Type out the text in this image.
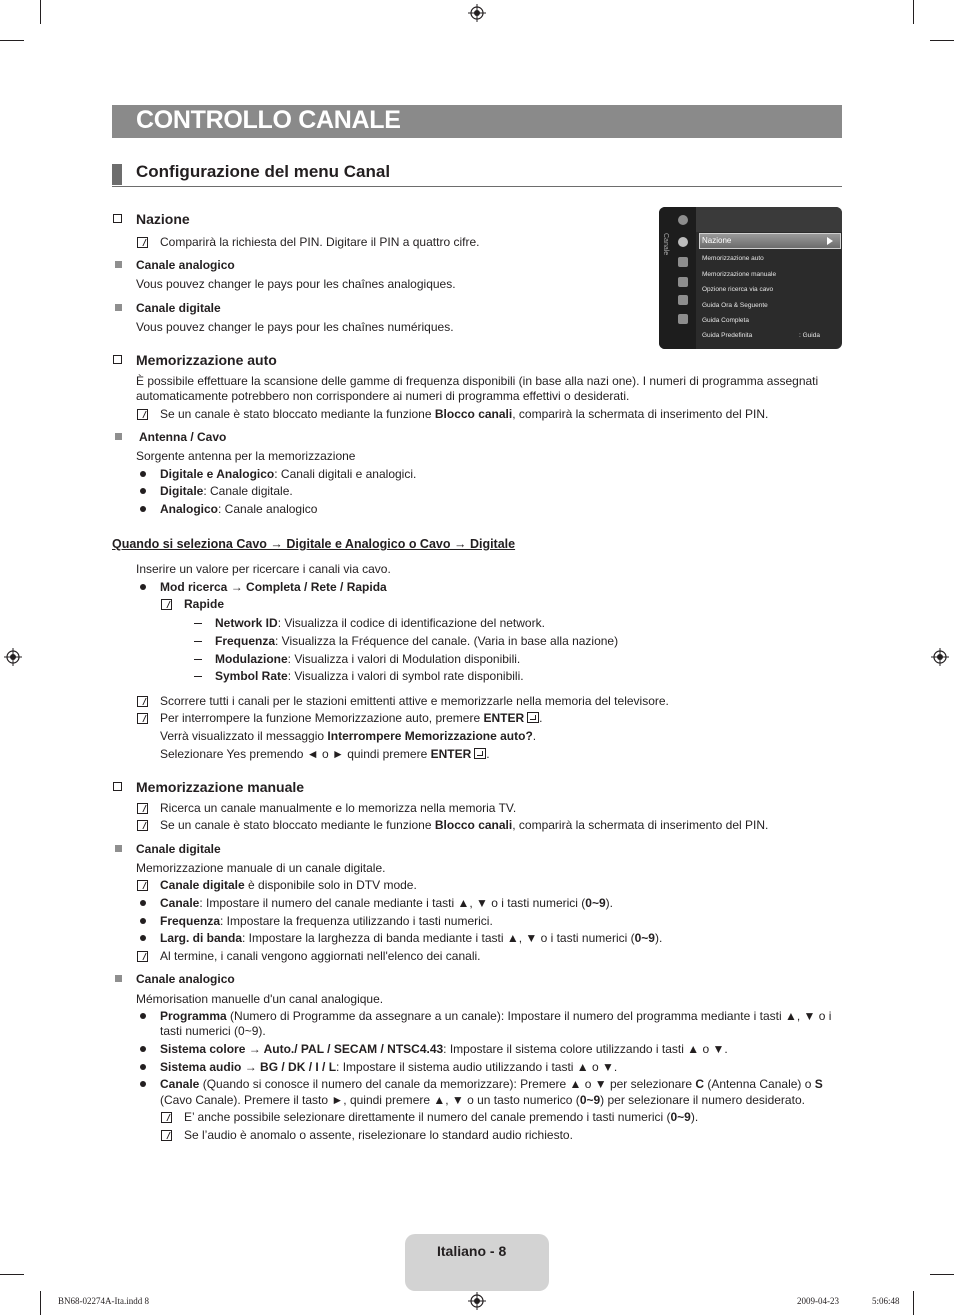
CONTROLLO CANALE
Configurazione del menu Canal
Canale	Nazione
Memorizzazione auto
Memorizzazione manuale
Opzione ricerca via cavo
Guida Ora & Seguente
Guida Completa
Guida Predefinita	: Guida
Nazione
Comparirà la richiesta del PIN. Digitare il PIN a quattro cifre.
Canale analogico
Vous pouvez changer le pays pour les chaînes analogiques.
Canale digitale
Vous pouvez changer le pays pour les chaînes numériques.
Memorizzazione auto
È possibile effettuare la scansione delle gamme di frequenza disponibili (in base alla nazi one). I numeri di programma assegnati automaticamente potrebbero non corrispondere ai numeri di programma effettivi o desiderati.
Se un canale è stato bloccato mediante la funzione Blocco canali, comparirà la schermata di inserimento del PIN.
Antenna / Cavo
Sorgente antenna per la memorizzazione
Digitale e Analogico: Canali digitali e analogici.
Digitale: Canale digitale.
Analogico: Canale analogico
Quando si seleziona Cavo → Digitale e Analogico o Cavo → Digitale
Inserire un valore per ricercare i canali via cavo.
Mod ricerca → Completa / Rete / Rapida
Rapide
Network ID: Visualizza il codice di identificazione del network.
Frequenza: Visualizza la Fréquence del canale. (Varia in base alla nazione)
Modulazione: Visualizza i valori di Modulation disponibili.
Symbol Rate: Visualizza i valori di symbol rate disponibili.
Scorrere tutti i canali per le stazioni emittenti attive e memorizzarle nella memoria del televisore.
Per interrompere la funzione Memorizzazione auto, premere ENTER .
Verrà visualizzato il messaggio Interrompere Memorizzazione auto?.
Selezionare Yes premendo ◄ o ► quindi premere ENTER .
Memorizzazione manuale
Ricerca un canale manualmente e lo memorizza nella memoria TV.
Se un canale è stato bloccato mediante le funzione Blocco canali, comparirà la schermata di inserimento del PIN.
Canale digitale
Memorizzazione manuale di un canale digitale.
Canale digitale è disponibile solo in DTV mode.
Canale: Impostare il numero del canale mediante i tasti ▲, ▼ o i tasti numerici (0~9).
Frequenza: Impostare la frequenza utilizzando i tasti numerici.
Larg. di banda: Impostare la larghezza di banda mediante i tasti ▲, ▼ o i tasti numerici (0~9).
Al termine, i canali vengono aggiornati nell'elenco dei canali.
Canale analogico
Mémorisation manuelle d'un canal analogique.
Programma (Numero di Programme da assegnare a un canale): Impostare il numero del programma mediante i tasti ▲, ▼ o i tasti numerici (0~9).
Sistema colore → Auto./ PAL / SECAM / NTSC4.43: Impostare il sistema colore utilizzando i tasti ▲ o ▼.
Sistema audio → BG / DK / I / L: Impostare il sistema audio utilizzando i tasti ▲ o ▼.
Canale (Quando si conosce il numero del canale da memorizzare): Premere ▲ o ▼ per selezionare C (Antenna Canale) o S
(Cavo Canale). Premere il tasto ►, quindi premere ▲, ▼ o un tasto numerico (0~9) per selezionare il numero desiderato.
E’ anche possibile selezionare direttamente il numero del canale premendo i tasti numerici (0~9).
Se l’audio è anomalo o assente, riselezionare lo standard audio richiesto.
Italiano - 8
BN68-02274A-Ita.indd 8	2009-04-23	5:06:48
